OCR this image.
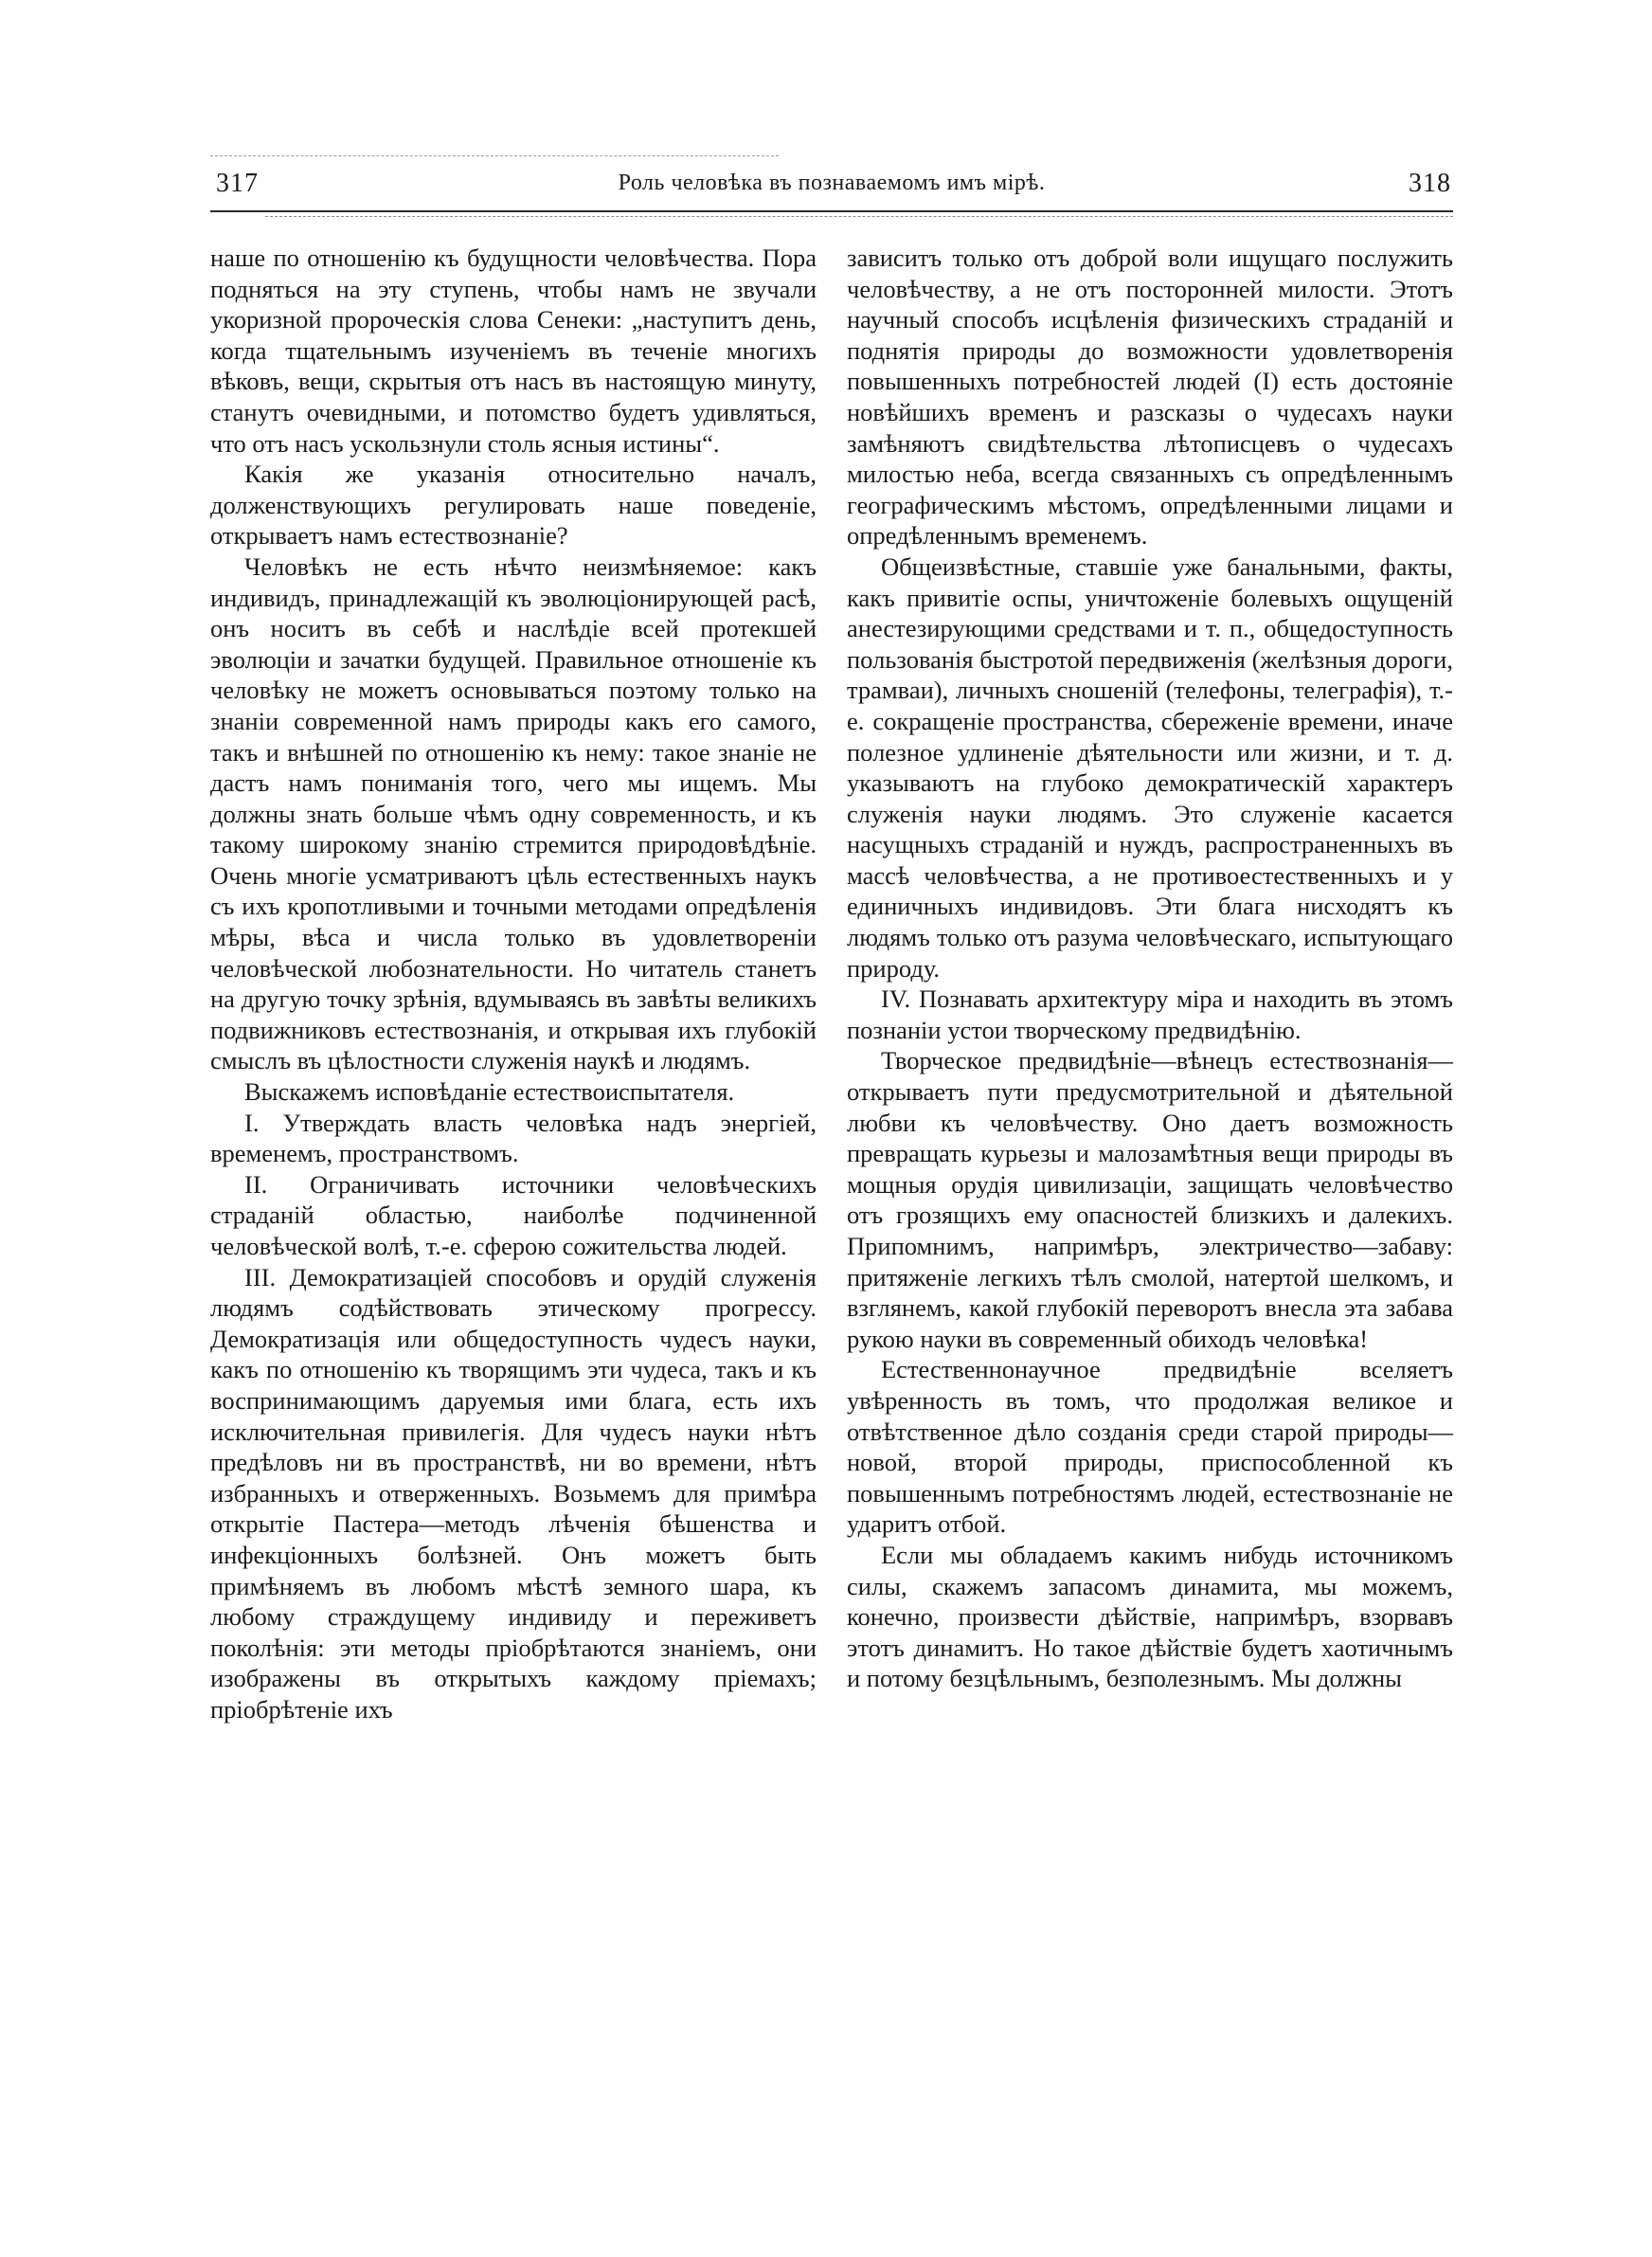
317	Роль человѣка въ познаваемомъ имъ мірѣ.	318

наше по отношенію къ будущности человѣчества. Пора подняться на эту ступень, чтобы намъ не звучали укоризной пророческія слова Сенеки: „наступитъ день, когда тщательнымъ изученіемъ въ теченіе многихъ вѣковъ, вещи, скрытыя отъ насъ въ настоящую минуту, станутъ очевидными, и потомство будетъ удивляться, что отъ насъ ускользнули столь ясныя истины“.

Какія же указанія относительно началъ, долженствующихъ регулировать наше поведеніе, открываетъ намъ естествознаніе?

Человѣкъ не есть нѣчто неизмѣняемое: какъ индивидъ, принадлежащій къ эволюціонирующей расѣ, онъ носитъ въ себѣ и наслѣдіе всей протекшей эволюціи и зачатки будущей. Правильное отношеніе къ человѣку не можетъ основываться поэтому только на знаніи современной намъ природы какъ его самого, такъ и внѣшней по отношенію къ нему: такое знаніе не дастъ намъ пониманія того, чего мы ищемъ. Мы должны знать больше чѣмъ одну современность, и къ такому широкому знанію стремится природовѣдѣніе. Очень многіе усматриваютъ цѣль естественныхъ наукъ съ ихъ кропотливыми и точными методами опредѣленія мѣры, вѣса и числа только въ удовлетвореніи человѣческой любознательности. Но читатель станетъ на другую точку зрѣнія, вдумываясь въ завѣты великихъ подвижниковъ естествознанія, и открывая ихъ глубокій смыслъ въ цѣлостности служенія наукѣ и людямъ.

Выскажемъ исповѣданіе естествоиспытателя.

I. Утверждать власть человѣка надъ энергіей, временемъ, пространствомъ.

II. Ограничивать источники человѣческихъ страданій областью, наиболѣе подчиненной человѣческой волѣ, т.-е. сферою сожительства людей.

III. Демократизаціей способовъ и орудій служенія людямъ содѣйствовать этическому прогрессу. Демократизація или общедоступность чудесъ науки, какъ по отношенію къ творящимъ эти чудеса, такъ и къ воспринимающимъ даруемыя ими блага, есть ихъ исключительная привилегія. Для чудесъ науки нѣтъ предѣловъ ни въ пространствѣ, ни во времени, нѣтъ избранныхъ и отверженныхъ. Возьмемъ для примѣра открытіе Пастера—методъ лѣченія бѣшенства и инфекціонныхъ болѣзней. Онъ можетъ быть примѣняемъ въ любомъ мѣстѣ земного шара, къ любому страждущему индивиду и переживетъ поколѣнія: эти методы пріобрѣтаются знаніемъ, они изображены въ открытыхъ каждому пріемахъ; пріобрѣтеніе ихъ

зависитъ только отъ доброй воли ищущаго послужить человѣчеству, а не отъ посторонней милости. Этотъ научный способъ исцѣленія физическихъ страданій и поднятія природы до возможности удовлетворенія повышенныхъ потребностей людей (I) есть достояніе новѣйшихъ временъ и разсказы о чудесахъ науки замѣняютъ свидѣтельства лѣтописцевъ о чудесахъ милостью неба, всегда связанныхъ съ опредѣленнымъ географическимъ мѣстомъ, опредѣленными лицами и опредѣленнымъ временемъ.

Общеизвѣстные, ставшіе уже банальными, факты, какъ привитіе оспы, уничтоженіе болевыхъ ощущеній анестезирующими средствами и т. п., общедоступность пользованія быстротой передвиженія (желѣзныя дороги, трамваи), личныхъ сношеній (телефоны, телеграфія), т.-е. сокращеніе пространства, сбереженіе времени, иначе полезное удлиненіе дѣятельности или жизни, и т. д. указываютъ на глубоко демократическій характеръ служенія науки людямъ. Это служеніе касается насущныхъ страданій и нуждъ, распространенныхъ въ массѣ человѣчества, а не противоестественныхъ и у единичныхъ индивидовъ. Эти блага нисходятъ къ людямъ только отъ разума человѣческаго, испытующаго природу.

IV. Познавать архитектуру міра и находить въ этомъ познаніи устои творческому предвидѣнію.

Творческое предвидѣніе—вѣнецъ естествознанія—открываетъ пути предусмотрительной и дѣятельной любви къ человѣчеству. Оно даетъ возможность превращать курьезы и малозамѣтныя вещи природы въ мощныя орудія цивилизаціи, защищать человѣчество отъ грозящихъ ему опасностей близкихъ и далекихъ. Припомнимъ, напримѣръ, электричество—забаву: притяженіе легкихъ тѣлъ смолой, натертой шелкомъ, и взглянемъ, какой глубокій переворотъ внесла эта забава рукою науки въ современный обиходъ человѣка!

Естественнонаучное предвидѣніе вселяетъ увѣренность въ томъ, что продолжая великое и отвѣтственное дѣло созданія среди старой природы—новой, второй природы, приспособленной къ повышеннымъ потребностямъ людей, естествознаніе не ударитъ отбой.

Если мы обладаемъ какимъ нибудь источникомъ силы, скажемъ запасомъ динамита, мы можемъ, конечно, произвести дѣйствіе, напримѣръ, взорвавъ этотъ динамитъ. Но такое дѣйствіе будетъ хаотичнымъ и потому безцѣльнымъ, безполезнымъ. Мы должны
